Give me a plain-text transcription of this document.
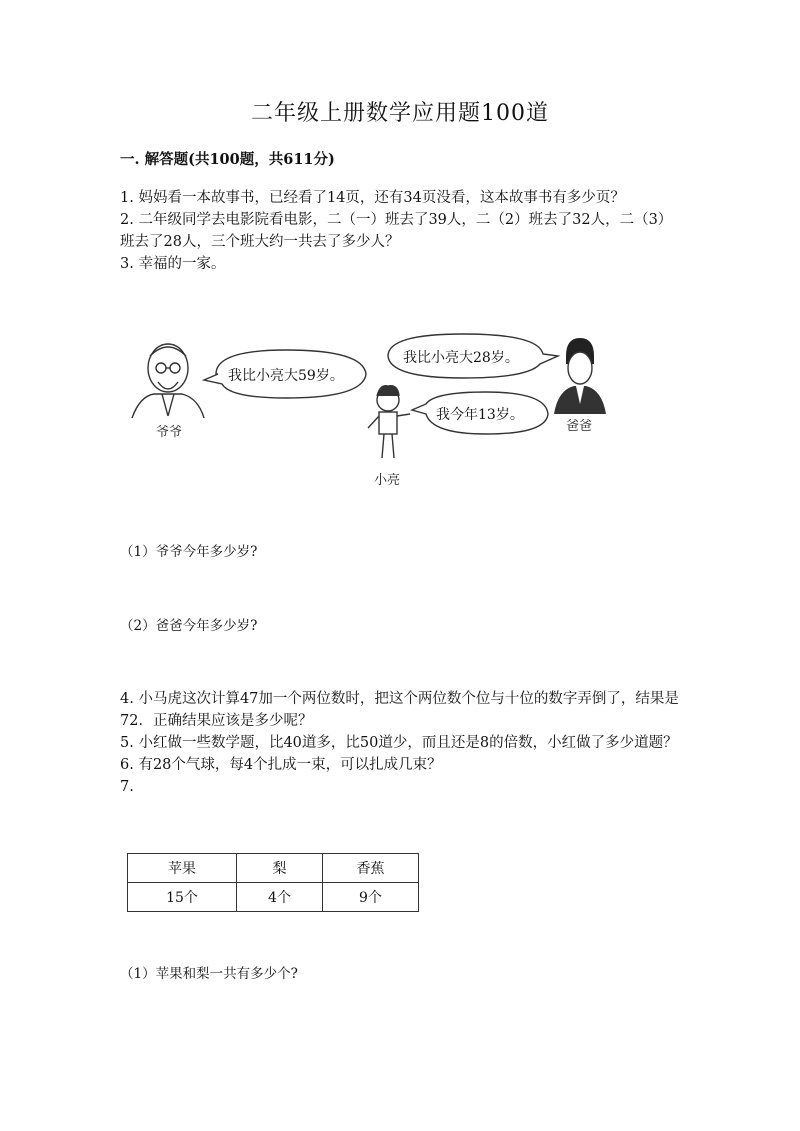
二年级上册数学应用题100道
一. 解答题(共100题，共611分)

1. 妈妈看一本故事书，已经看了14页，还有34页没看，这本故事书有多少页？

2. 二年级同学去电影院看电影，二（一）班去了39人，二（2）班去了32人，二（3）班去了28人，三个班大约一共去了多少人？

3. 幸福的一家。

爷爷
我比小亮大59岁。
我比小亮大28岁。
我今年13岁。
爸爸
小亮
（1）爷爷今年多少岁?
（2）爸爸今年多少岁?

4. 小马虎这次计算47加一个两位数时，把这个两位数个位与十位的数字弄倒了，结果是72．正确结果应该是多少呢？

5. 小红做一些数学题，比40道多，比50道少，而且还是8的倍数，小红做了多少道题？

6. 有28个气球，每4个扎成一束，可以扎成几束？

7.

苹果	梨	香蕉
15个	4个	9个
（1）苹果和梨一共有多少个?
